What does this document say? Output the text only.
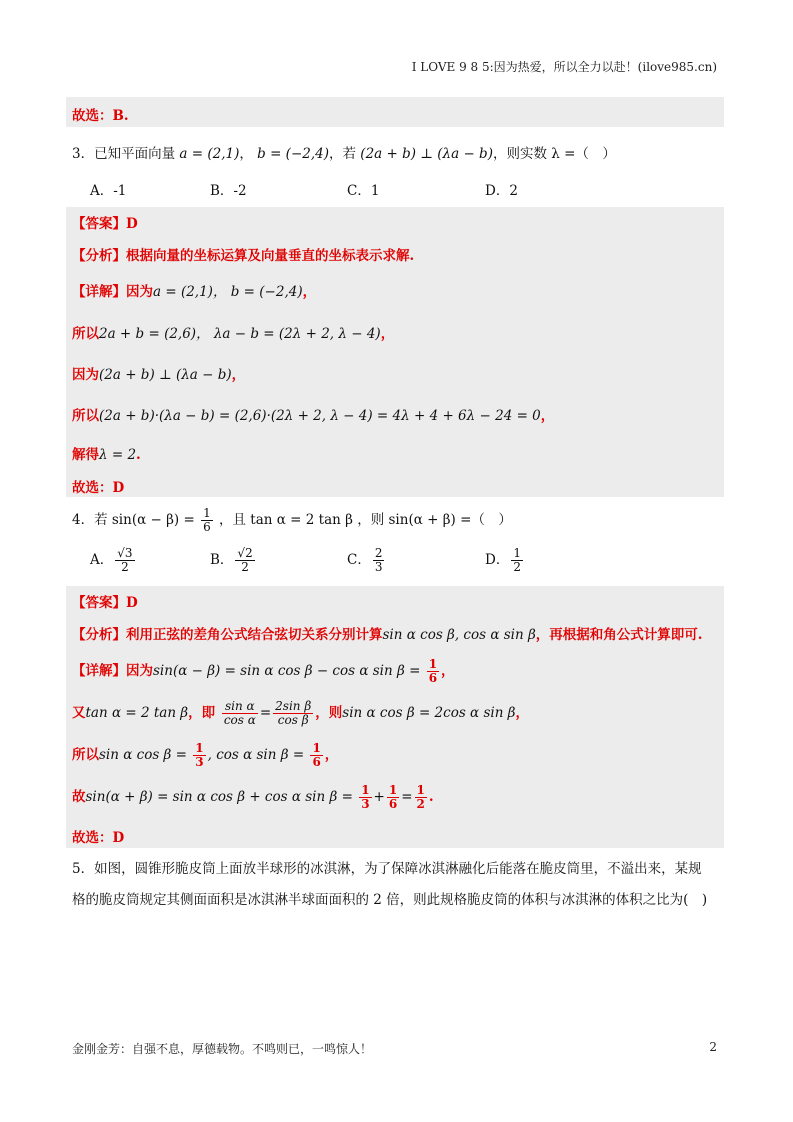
I LOVE 9 8 5:因为热爱，所以全力以赴！(ilove985.cn)
故选：B.
3．已知平面向量 a = (2,1)， b = (−2,4)，若 (2a + b) ⊥ (λa − b)，则实数 λ =（　）
A．-1	B．-2	C．1	D．2
【答案】D
【分析】根据向量的坐标运算及向量垂直的坐标表示求解.
【详解】因为a = (2,1)， b = (−2,4)，
所以2a + b = (2,6)， λa − b = (2λ + 2, λ − 4)，
因为(2a + b) ⊥ (λa − b)，
所以(2a + b)·(λa − b) = (2,6)·(2λ + 2, λ − 4) = 4λ + 4 + 6λ − 24 = 0，
解得λ = 2.
故选：D
4．若 $\sin(\alpha - \beta) = \frac{1}{6}$ ，且 tan α = 2 tan β ，则 sin(α + β) =（　）
A． $\frac{√3}{2}$	B． $\frac{√2}{2}$	C． $\frac{2}{3}$	D． $\frac{1}{2}$
【答案】D
【分析】利用正弦的差角公式结合弦切关系分别计算sin α cos β, cos α sin β，再根据和角公式计算即可.
【详解】因为sin(α − β) = sin α cos β − cos α $\sin \beta = \frac{1}{6}$ ，
又tan α = 2 tan β，即 $\frac{\text{sin α}}{\text{cos α}} = \frac{\text{2sin β}}{\text{cos β}}$ ，则sin α cos β = 2cos α sin β，
所以sin α $\cos \beta = \frac{1}{3}$ , cos α $\sin \beta = \frac{1}{6}$ ，
故sin(α + β) = sin α cos β + cos α $\sin \beta = \frac{1}{3} + \frac{1}{6} = \frac{1}{2}$ .
故选：D
5．如图，圆锥形脆皮筒上面放半球形的冰淇淋，为了保障冰淇淋融化后能落在脆皮筒里，不溢出来，某规
格的脆皮筒规定其侧面面积是冰淇淋半球面面积的 2 倍，则此规格脆皮筒的体积与冰淇淋的体积之比为(　)
金刚金芳：自强不息，厚德载物。不鸣则已，一鸣惊人！	2
